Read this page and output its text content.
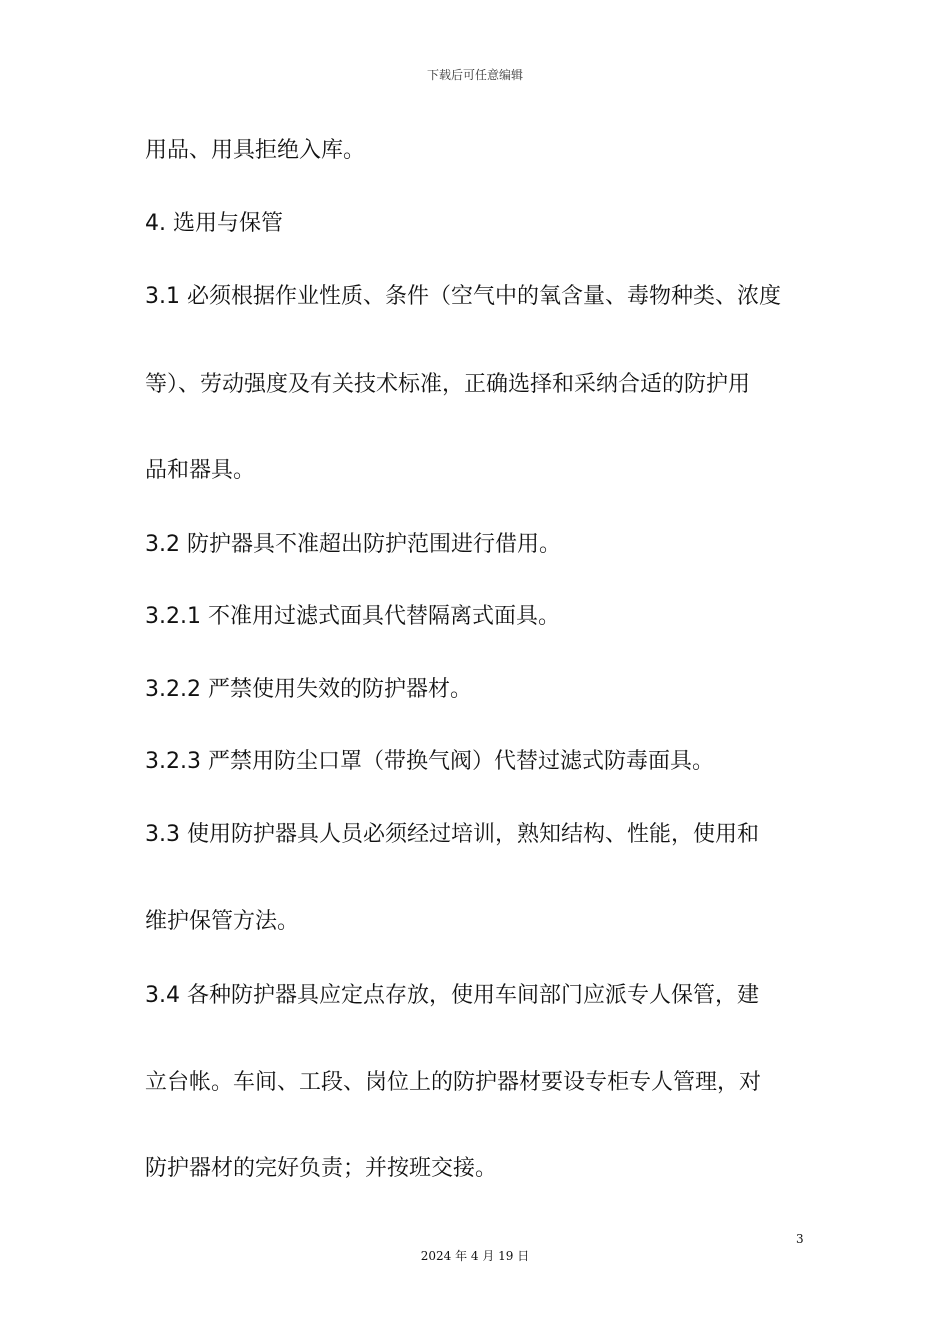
下载后可任意编辑
用品、用具拒绝入库。
4. 选用与保管
3.1 必须根据作业性质、条件（空气中的氧含量、毒物种类、浓度
等）、劳动强度及有关技术标准，正确选择和采纳合适的防护用
品和器具。
3.2 防护器具不准超出防护范围进行借用。
3.2.1 不准用过滤式面具代替隔离式面具。
3.2.2 严禁使用失效的防护器材。
3.2.3 严禁用防尘口罩（带换气阀）代替过滤式防毒面具。
3.3 使用防护器具人员必须经过培训，熟知结构、性能，使用和
维护保管方法。
3.4 各种防护器具应定点存放，使用车间部门应派专人保管，建
立台帐。车间、工段、岗位上的防护器材要设专柜专人管理，对
防护器材的完好负责；并按班交接。
3
2024 年 4 月 19 日
